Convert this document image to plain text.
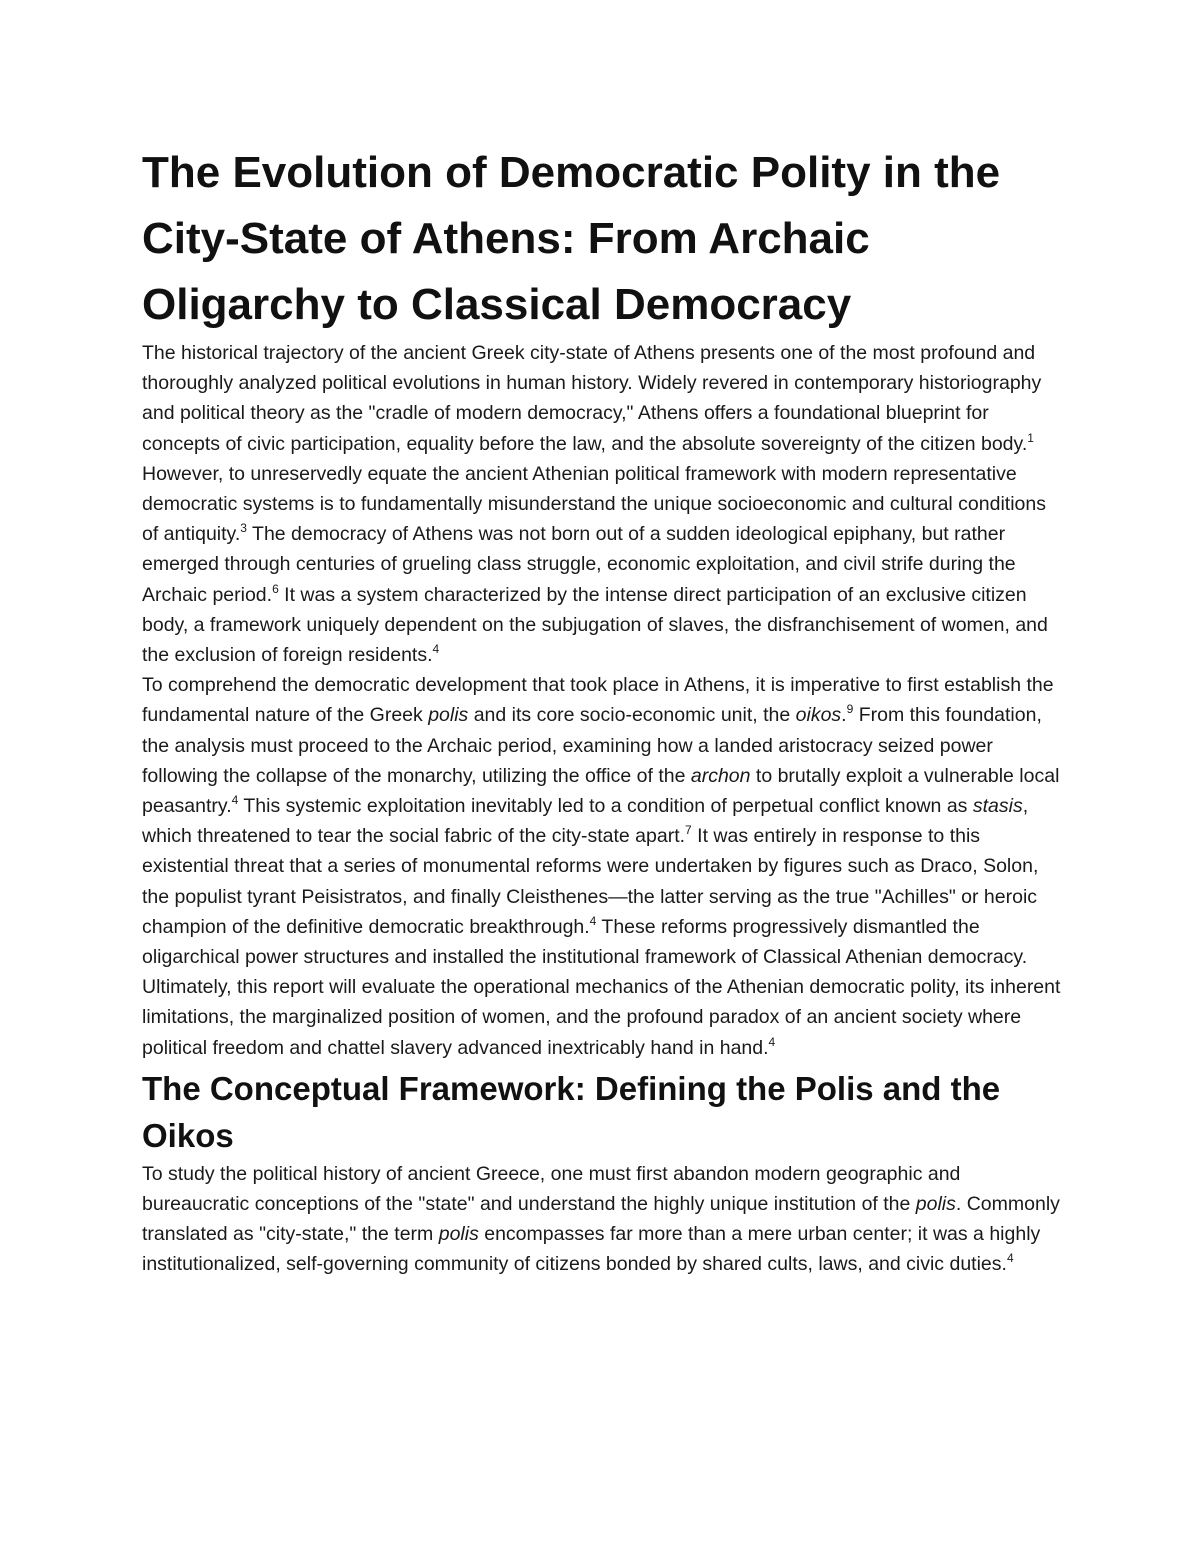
The Evolution of Democratic Polity in the City-State of Athens: From Archaic Oligarchy to Classical Democracy

The historical trajectory of the ancient Greek city-state of Athens presents one of the most profound and thoroughly analyzed political evolutions in human history. Widely revered in contemporary historiography and political theory as the "cradle of modern democracy," Athens offers a foundational blueprint for concepts of civic participation, equality before the law, and the absolute sovereignty of the citizen body.$^1$ However, to unreservedly equate the ancient Athenian political framework with modern representative democratic systems is to fundamentally misunderstand the unique socioeconomic and cultural conditions of antiquity.$^3$ The democracy of Athens was not born out of a sudden ideological epiphany, but rather emerged through centuries of grueling class struggle, economic exploitation, and civil strife during the Archaic period.$^6$ It was a system characterized by the intense direct participation of an exclusive citizen body, a framework uniquely dependent on the subjugation of slaves, the disfranchisement of women, and the exclusion of foreign residents.$^4$

To comprehend the democratic development that took place in Athens, it is imperative to first establish the fundamental nature of the Greek polis and its core socio-economic unit, the oikos.$^9$ From this foundation, the analysis must proceed to the Archaic period, examining how a landed aristocracy seized power following the collapse of the monarchy, utilizing the office of the archon to brutally exploit a vulnerable local peasantry.$^4$ This systemic exploitation inevitably led to a condition of perpetual conflict known as stasis, which threatened to tear the social fabric of the city-state apart.$^7$ It was entirely in response to this existential threat that a series of monumental reforms were undertaken by figures such as Draco, Solon, the populist tyrant Peisistratos, and finally Cleisthenes—the latter serving as the true "Achilles" or heroic champion of the definitive democratic breakthrough.$^4$ These reforms progressively dismantled the oligarchical power structures and installed the institutional framework of Classical Athenian democracy. Ultimately, this report will evaluate the operational mechanics of the Athenian democratic polity, its inherent limitations, the marginalized position of women, and the profound paradox of an ancient society where political freedom and chattel slavery advanced inextricably hand in hand.$^4$

The Conceptual Framework: Defining the Polis and the Oikos

To study the political history of ancient Greece, one must first abandon modern geographic and bureaucratic conceptions of the "state" and understand the highly unique institution of the polis. Commonly translated as "city-state," the term polis encompasses far more than a mere urban center; it was a highly institutionalized, self-governing community of citizens bonded by shared cults, laws, and civic duties.$^4$
